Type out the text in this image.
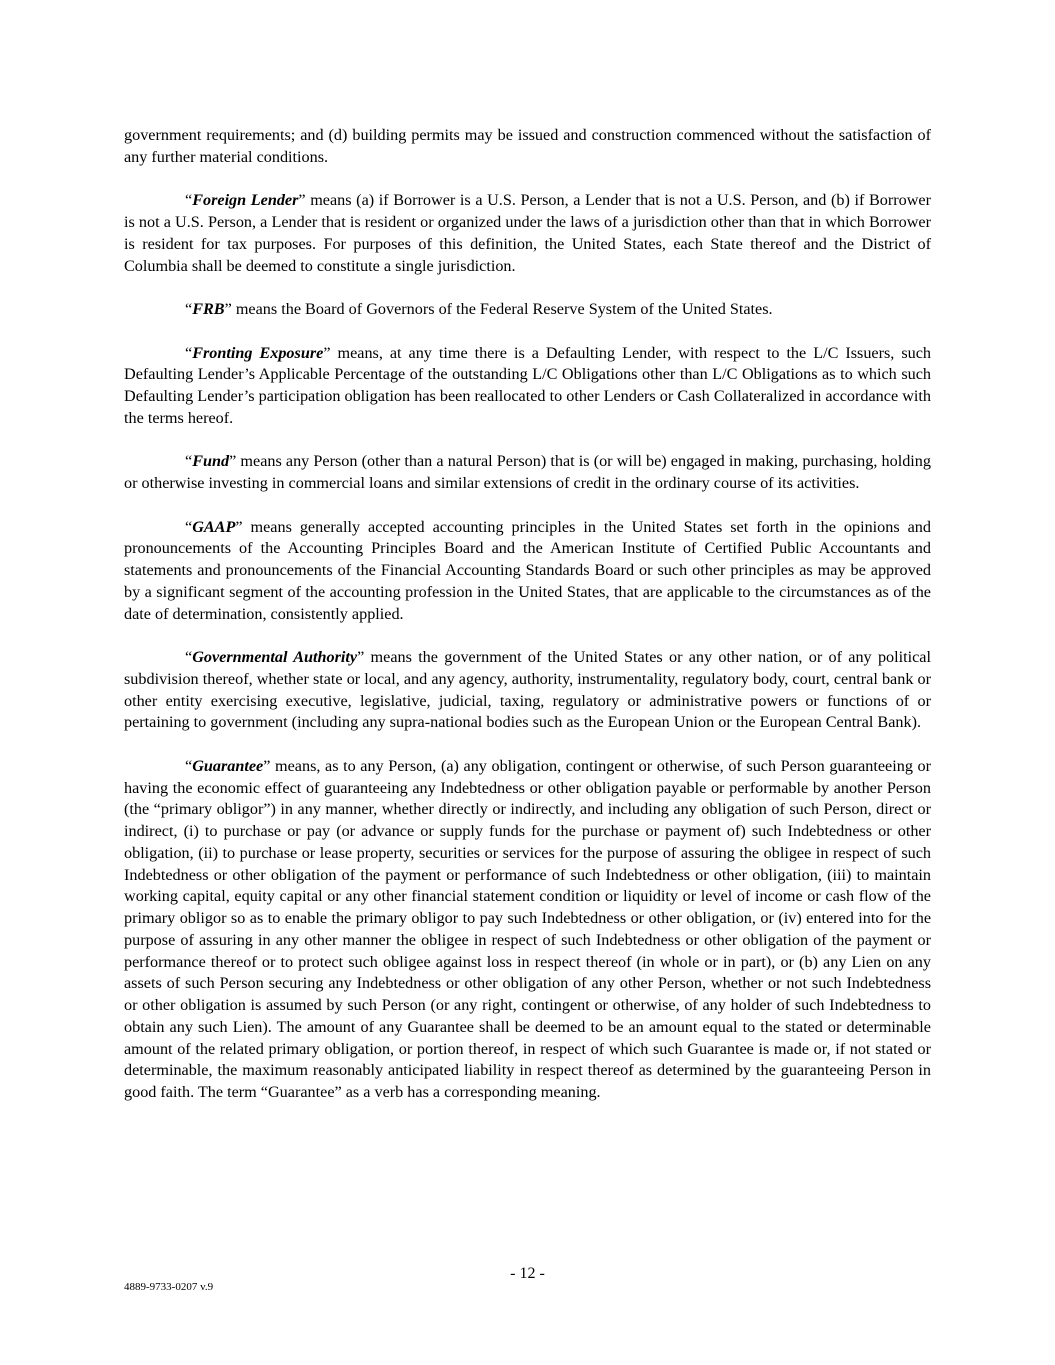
government requirements; and (d) building permits may be issued and construction commenced without the satisfaction of any further material conditions.

“Foreign Lender” means (a) if Borrower is a U.S. Person, a Lender that is not a U.S. Person, and (b) if Borrower is not a U.S. Person, a Lender that is resident or organized under the laws of a jurisdiction other than that in which Borrower is resident for tax purposes. For purposes of this definition, the United States, each State thereof and the District of Columbia shall be deemed to constitute a single jurisdiction.

“FRB” means the Board of Governors of the Federal Reserve System of the United States.

“Fronting Exposure” means, at any time there is a Defaulting Lender, with respect to the L/C Issuers, such Defaulting Lender’s Applicable Percentage of the outstanding L/C Obligations other than L/C Obligations as to which such Defaulting Lender’s participation obligation has been reallocated to other Lenders or Cash Collateralized in accordance with the terms hereof.

“Fund” means any Person (other than a natural Person) that is (or will be) engaged in making, purchasing, holding or otherwise investing in commercial loans and similar extensions of credit in the ordinary course of its activities.

“GAAP” means generally accepted accounting principles in the United States set forth in the opinions and pronouncements of the Accounting Principles Board and the American Institute of Certified Public Accountants and statements and pronouncements of the Financial Accounting Standards Board or such other principles as may be approved by a significant segment of the accounting profession in the United States, that are applicable to the circumstances as of the date of determination, consistently applied.

“Governmental Authority” means the government of the United States or any other nation, or of any political subdivision thereof, whether state or local, and any agency, authority, instrumentality, regulatory body, court, central bank or other entity exercising executive, legislative, judicial, taxing, regulatory or administrative powers or functions of or pertaining to government (including any supra-national bodies such as the European Union or the European Central Bank).

“Guarantee” means, as to any Person, (a) any obligation, contingent or otherwise, of such Person guaranteeing or having the economic effect of guaranteeing any Indebtedness or other obligation payable or performable by another Person (the “primary obligor”) in any manner, whether directly or indirectly, and including any obligation of such Person, direct or indirect, (i) to purchase or pay (or advance or supply funds for the purchase or payment of) such Indebtedness or other obligation, (ii) to purchase or lease property, securities or services for the purpose of assuring the obligee in respect of such Indebtedness or other obligation of the payment or performance of such Indebtedness or other obligation, (iii) to maintain working capital, equity capital or any other financial statement condition or liquidity or level of income or cash flow of the primary obligor so as to enable the primary obligor to pay such Indebtedness or other obligation, or (iv) entered into for the purpose of assuring in any other manner the obligee in respect of such Indebtedness or other obligation of the payment or performance thereof or to protect such obligee against loss in respect thereof (in whole or in part), or (b) any Lien on any assets of such Person securing any Indebtedness or other obligation of any other Person, whether or not such Indebtedness or other obligation is assumed by such Person (or any right, contingent or otherwise, of any holder of such Indebtedness to obtain any such Lien). The amount of any Guarantee shall be deemed to be an amount equal to the stated or determinable amount of the related primary obligation, or portion thereof, in respect of which such Guarantee is made or, if not stated or determinable, the maximum reasonably anticipated liability in respect thereof as determined by the guaranteeing Person in good faith. The term “Guarantee” as a verb has a corresponding meaning.

- 12 -
4889-9733-0207 v.9
